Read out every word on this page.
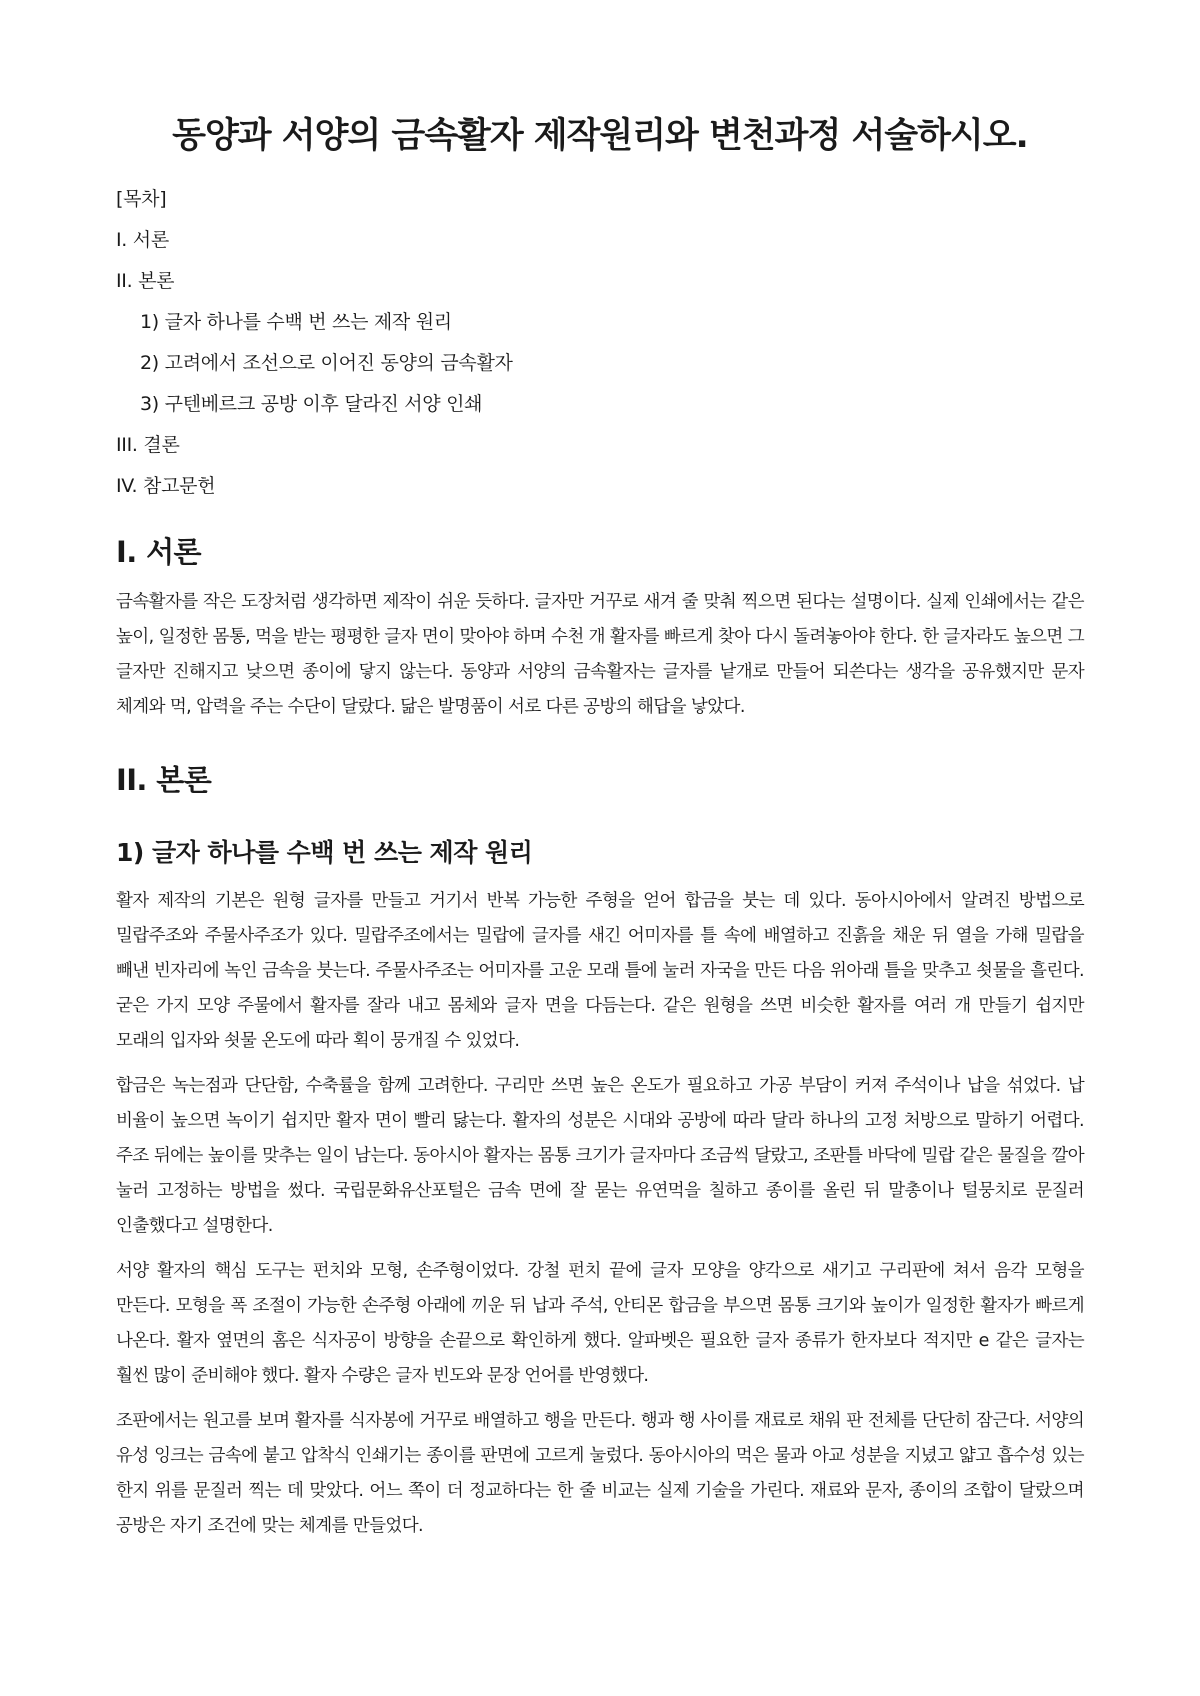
동양과 서양의 금속활자 제작원리와 변천과정 서술하시오.

[목차]

I. 서론

II. 본론

1) 글자 하나를 수백 번 쓰는 제작 원리

2) 고려에서 조선으로 이어진 동양의 금속활자

3) 구텐베르크 공방 이후 달라진 서양 인쇄

III. 결론

IV. 참고문헌

I. 서론

금속활자를 작은 도장처럼 생각하면 제작이 쉬운 듯하다. 글자만 거꾸로 새겨 줄 맞춰 찍으면 된다는 설명이다. 실제 인쇄에서는 같은 높이, 일정한 몸통, 먹을 받는 평평한 글자 면이 맞아야 하며 수천 개 활자를 빠르게 찾아 다시 돌려놓아야 한다. 한 글자라도 높으면 그 글자만 진해지고 낮으면 종이에 닿지 않는다. 동양과 서양의 금속활자는 글자를 낱개로 만들어 되쓴다는 생각을 공유했지만 문자 체계와 먹, 압력을 주는 수단이 달랐다. 닮은 발명품이 서로 다른 공방의 해답을 낳았다.

II. 본론
1) 글자 하나를 수백 번 쓰는 제작 원리

활자 제작의 기본은 원형 글자를 만들고 거기서 반복 가능한 주형을 얻어 합금을 붓는 데 있다. 동아시아에서 알려진 방법으로 밀랍주조와 주물사주조가 있다. 밀랍주조에서는 밀랍에 글자를 새긴 어미자를 틀 속에 배열하고 진흙을 채운 뒤 열을 가해 밀랍을 빼낸 빈자리에 녹인 금속을 붓는다. 주물사주조는 어미자를 고운 모래 틀에 눌러 자국을 만든 다음 위아래 틀을 맞추고 쇳물을 흘린다. 굳은 가지 모양 주물에서 활자를 잘라 내고 몸체와 글자 면을 다듬는다. 같은 원형을 쓰면 비슷한 활자를 여러 개 만들기 쉽지만 모래의 입자와 쇳물 온도에 따라 획이 뭉개질 수 있었다.

합금은 녹는점과 단단함, 수축률을 함께 고려한다. 구리만 쓰면 높은 온도가 필요하고 가공 부담이 커져 주석이나 납을 섞었다. 납 비율이 높으면 녹이기 쉽지만 활자 면이 빨리 닳는다. 활자의 성분은 시대와 공방에 따라 달라 하나의 고정 처방으로 말하기 어렵다. 주조 뒤에는 높이를 맞추는 일이 남는다. 동아시아 활자는 몸통 크기가 글자마다 조금씩 달랐고, 조판틀 바닥에 밀랍 같은 물질을 깔아 눌러 고정하는 방법을 썼다. 국립문화유산포털은 금속 면에 잘 묻는 유연먹을 칠하고 종이를 올린 뒤 말총이나 털뭉치로 문질러 인출했다고 설명한다.

서양 활자의 핵심 도구는 펀치와 모형, 손주형이었다. 강철 펀치 끝에 글자 모양을 양각으로 새기고 구리판에 쳐서 음각 모형을 만든다. 모형을 폭 조절이 가능한 손주형 아래에 끼운 뒤 납과 주석, 안티몬 합금을 부으면 몸통 크기와 높이가 일정한 활자가 빠르게 나온다. 활자 옆면의 홈은 식자공이 방향을 손끝으로 확인하게 했다. 알파벳은 필요한 글자 종류가 한자보다 적지만 e 같은 글자는 훨씬 많이 준비해야 했다. 활자 수량은 글자 빈도와 문장 언어를 반영했다.

조판에서는 원고를 보며 활자를 식자봉에 거꾸로 배열하고 행을 만든다. 행과 행 사이를 재료로 채워 판 전체를 단단히 잠근다. 서양의 유성 잉크는 금속에 붙고 압착식 인쇄기는 종이를 판면에 고르게 눌렀다. 동아시아의 먹은 물과 아교 성분을 지녔고 얇고 흡수성 있는 한지 위를 문질러 찍는 데 맞았다. 어느 쪽이 더 정교하다는 한 줄 비교는 실제 기술을 가린다. 재료와 문자, 종이의 조합이 달랐으며 공방은 자기 조건에 맞는 체계를 만들었다.
